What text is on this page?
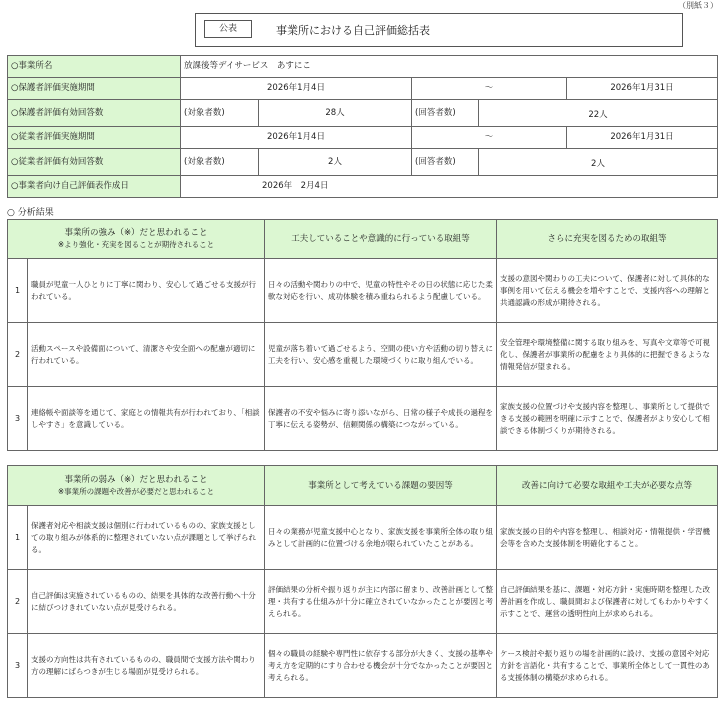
（別紙３）
公表	事業所における自己評価総括表
○事業所名	放課後等デイサービス　あすにこ				
○保護者評価実施期間	2026年1月4日		～		2026年1月31日
○保護者評価有効回答数	(対象者数)	28人	(回答者数)	22人	
○従業者評価実施期間	2026年1月4日		～		2026年1月31日
○従業者評価有効回答数	(対象者数)	2人	(回答者数)	2人	
○事業者向け自己評価表作成日	2026年　2月4日				
○ 分析結果
事業所の強み（※）だと思われること
※より強化・充実を図ることが期待されること		工夫していることや意識的に行っている取組等	さらに充実を図るための取組等
1	職員が児童一人ひとりに丁寧に関わり、安心して過ごせる支援が行われている。	日々の活動や関わりの中で、児童の特性やその日の状態に応じた柔軟な対応を行い、成功体験を積み重ねられるよう配慮している。	支援の意図や関わりの工夫について、保護者に対して具体的な事例を用いて伝える機会を増やすことで、支援内容への理解と共通認識の形成が期待される。
2	活動スペースや設備面について、清潔さや安全面への配慮が適切に行われている。	児童が落ち着いて過ごせるよう、空間の使い方や活動の切り替えに工夫を行い、安心感を重視した環境づくりに取り組んでいる。	安全管理や環境整備に関する取り組みを、写真や文章等で可視化し、保護者が事業所の配慮をより具体的に把握できるような情報発信が望まれる。
3	連絡帳や面談等を通じて、家庭との情報共有が行われており、「相談しやすさ」を意識している。	保護者の不安や悩みに寄り添いながら、日常の様子や成長の過程を丁寧に伝える姿勢が、信頼関係の構築につながっている。	家族支援の位置づけや支援内容を整理し、事業所として提供できる支援の範囲を明確に示すことで、保護者がより安心して相談できる体制づくりが期待される。
事業所の弱み（※）だと思われること
※事業所の課題や改善が必要だと思われること		事業所として考えている課題の要因等	改善に向けて必要な取組や工夫が必要な点等
1	保護者対応や相談支援は個別に行われているものの、家族支援としての取り組みが体系的に整理されていない点が課題として挙げられる。	日々の業務が児童支援中心となり、家族支援を事業所全体の取り組みとして計画的に位置づける余地が限られていたことがある。	家族支援の目的や内容を整理し、相談対応・情報提供・学習機会等を含めた支援体制を明確化すること。
2	自己評価は実施されているものの、結果を具体的な改善行動へ十分に結びつけきれていない点が見受けられる。	評価結果の分析や振り返りが主に内部に留まり、改善計画として整理・共有する仕組みが十分に確立されていなかったことが要因と考えられる。	自己評価結果を基に、課題・対応方針・実施時期を整理した改善計画を作成し、職員間および保護者に対してもわかりやすく示すことで、運営の透明性向上が求められる。
3	支援の方向性は共有されているものの、職員間で支援方法や関わり方の理解にばらつきが生じる場面が見受けられる。	個々の職員の経験や専門性に依存する部分が大きく、支援の基準や考え方を定期的にすり合わせる機会が十分でなかったことが要因と考えられる。	ケース検討や振り返りの場を計画的に設け、支援の意図や対応方針を言語化・共有することで、事業所全体として一貫性のある支援体制の構築が求められる。
